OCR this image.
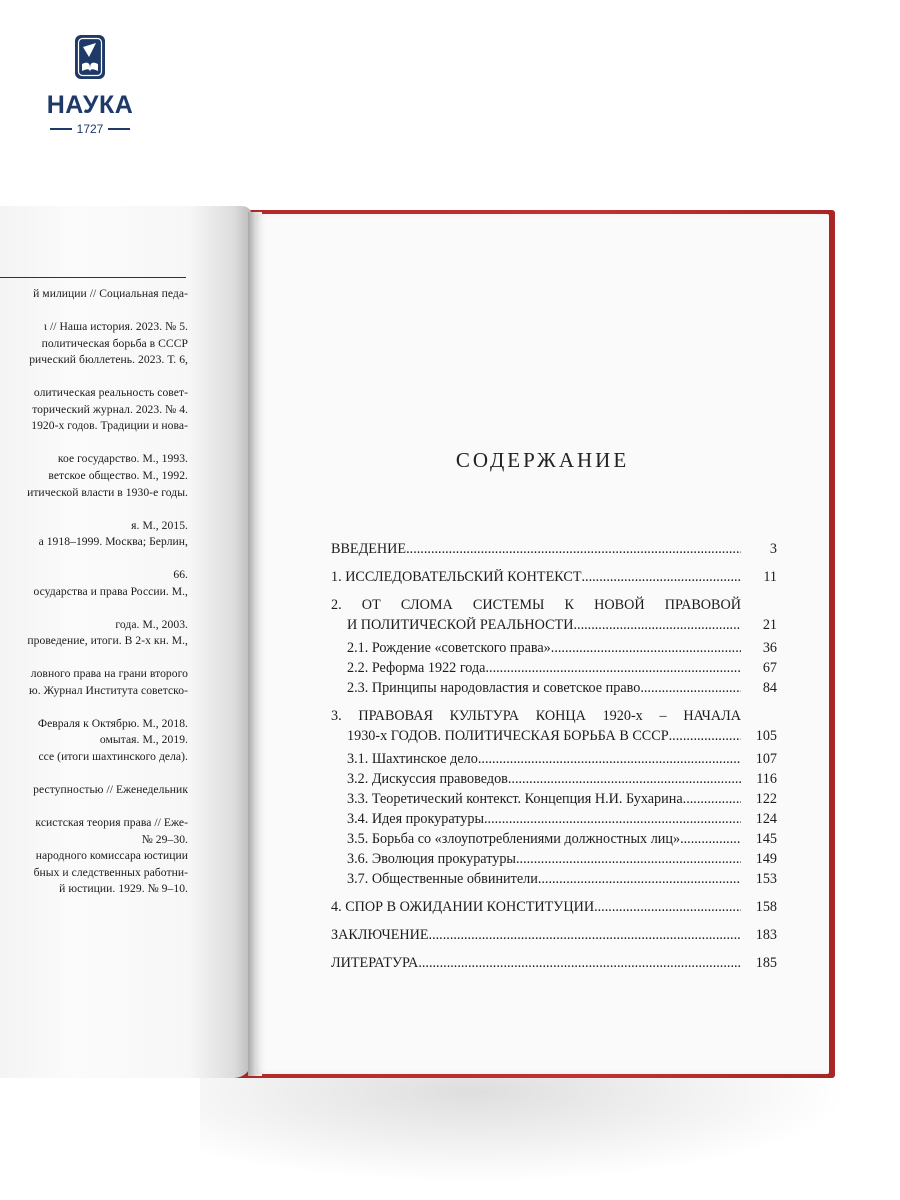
НАУКА
1727
й милиции // Социальная педа-
ι // Наша история. 2023. № 5.
политическая борьба в СССР
рический бюллетень. 2023. Т. 6,
олитическая реальность совет-
торический журнал. 2023. № 4.
1920-х годов. Традиции и нова-
кое государство. М., 1993.
ветское общество. М., 1992.
итической власти в 1930-е годы.
я. М., 2015.
а 1918–1999. Москва; Берлин,
66.
осударства и права России. М.,
года. М., 2003.
проведение, итоги. В 2-х кн. М.,
ловного права на грани второго
ю. Журнал Института советско-
Февраля к Октябрю. М., 2018.
омытая. М., 2019.
ссе (итоги шахтинского дела).
реступностью // Еженедельник
ксистская теория права // Еже-
№ 29–30.
народного комиссара юстиции
бных и следственных работни-
й юстиции. 1929. № 9–10.
СОДЕРЖАНИЕ
ВВЕДЕНИЕ .....	3
1. ИССЛЕДОВАТЕЛЬСКИЙ КОНТЕКСТ .....	11
2. ОТ СЛОМА СИСТЕМЫ К НОВОЙ ПРАВОВОЙ
И ПОЛИТИЧЕСКОЙ РЕАЛЬНОСТИ .....	21
2.1. Рождение «советского права» .....	36
2.2. Реформа 1922 года .....	67
2.3. Принципы народовластия и советское право .....	84
3. ПРАВОВАЯ КУЛЬТУРА КОНЦА 1920-х – НАЧАЛА
1930-х ГОДОВ. ПОЛИТИЧЕСКАЯ БОРЬБА В СССР .....	105
3.1. Шахтинское дело .....	107
3.2. Дискуссия правоведов .....	116
3.3. Теоретический контекст. Концепция Н.И. Бухарина .....	122
3.4. Идея прокуратуры .....	124
3.5. Борьба со «злоупотреблениями должностных лиц» .....	145
3.6. Эволюция прокуратуры .....	149
3.7. Общественные обвинители .....	153
4. СПОР В ОЖИДАНИИ КОНСТИТУЦИИ .....	158
ЗАКЛЮЧЕНИЕ .....	183
ЛИТЕРАТУРА .....	185
